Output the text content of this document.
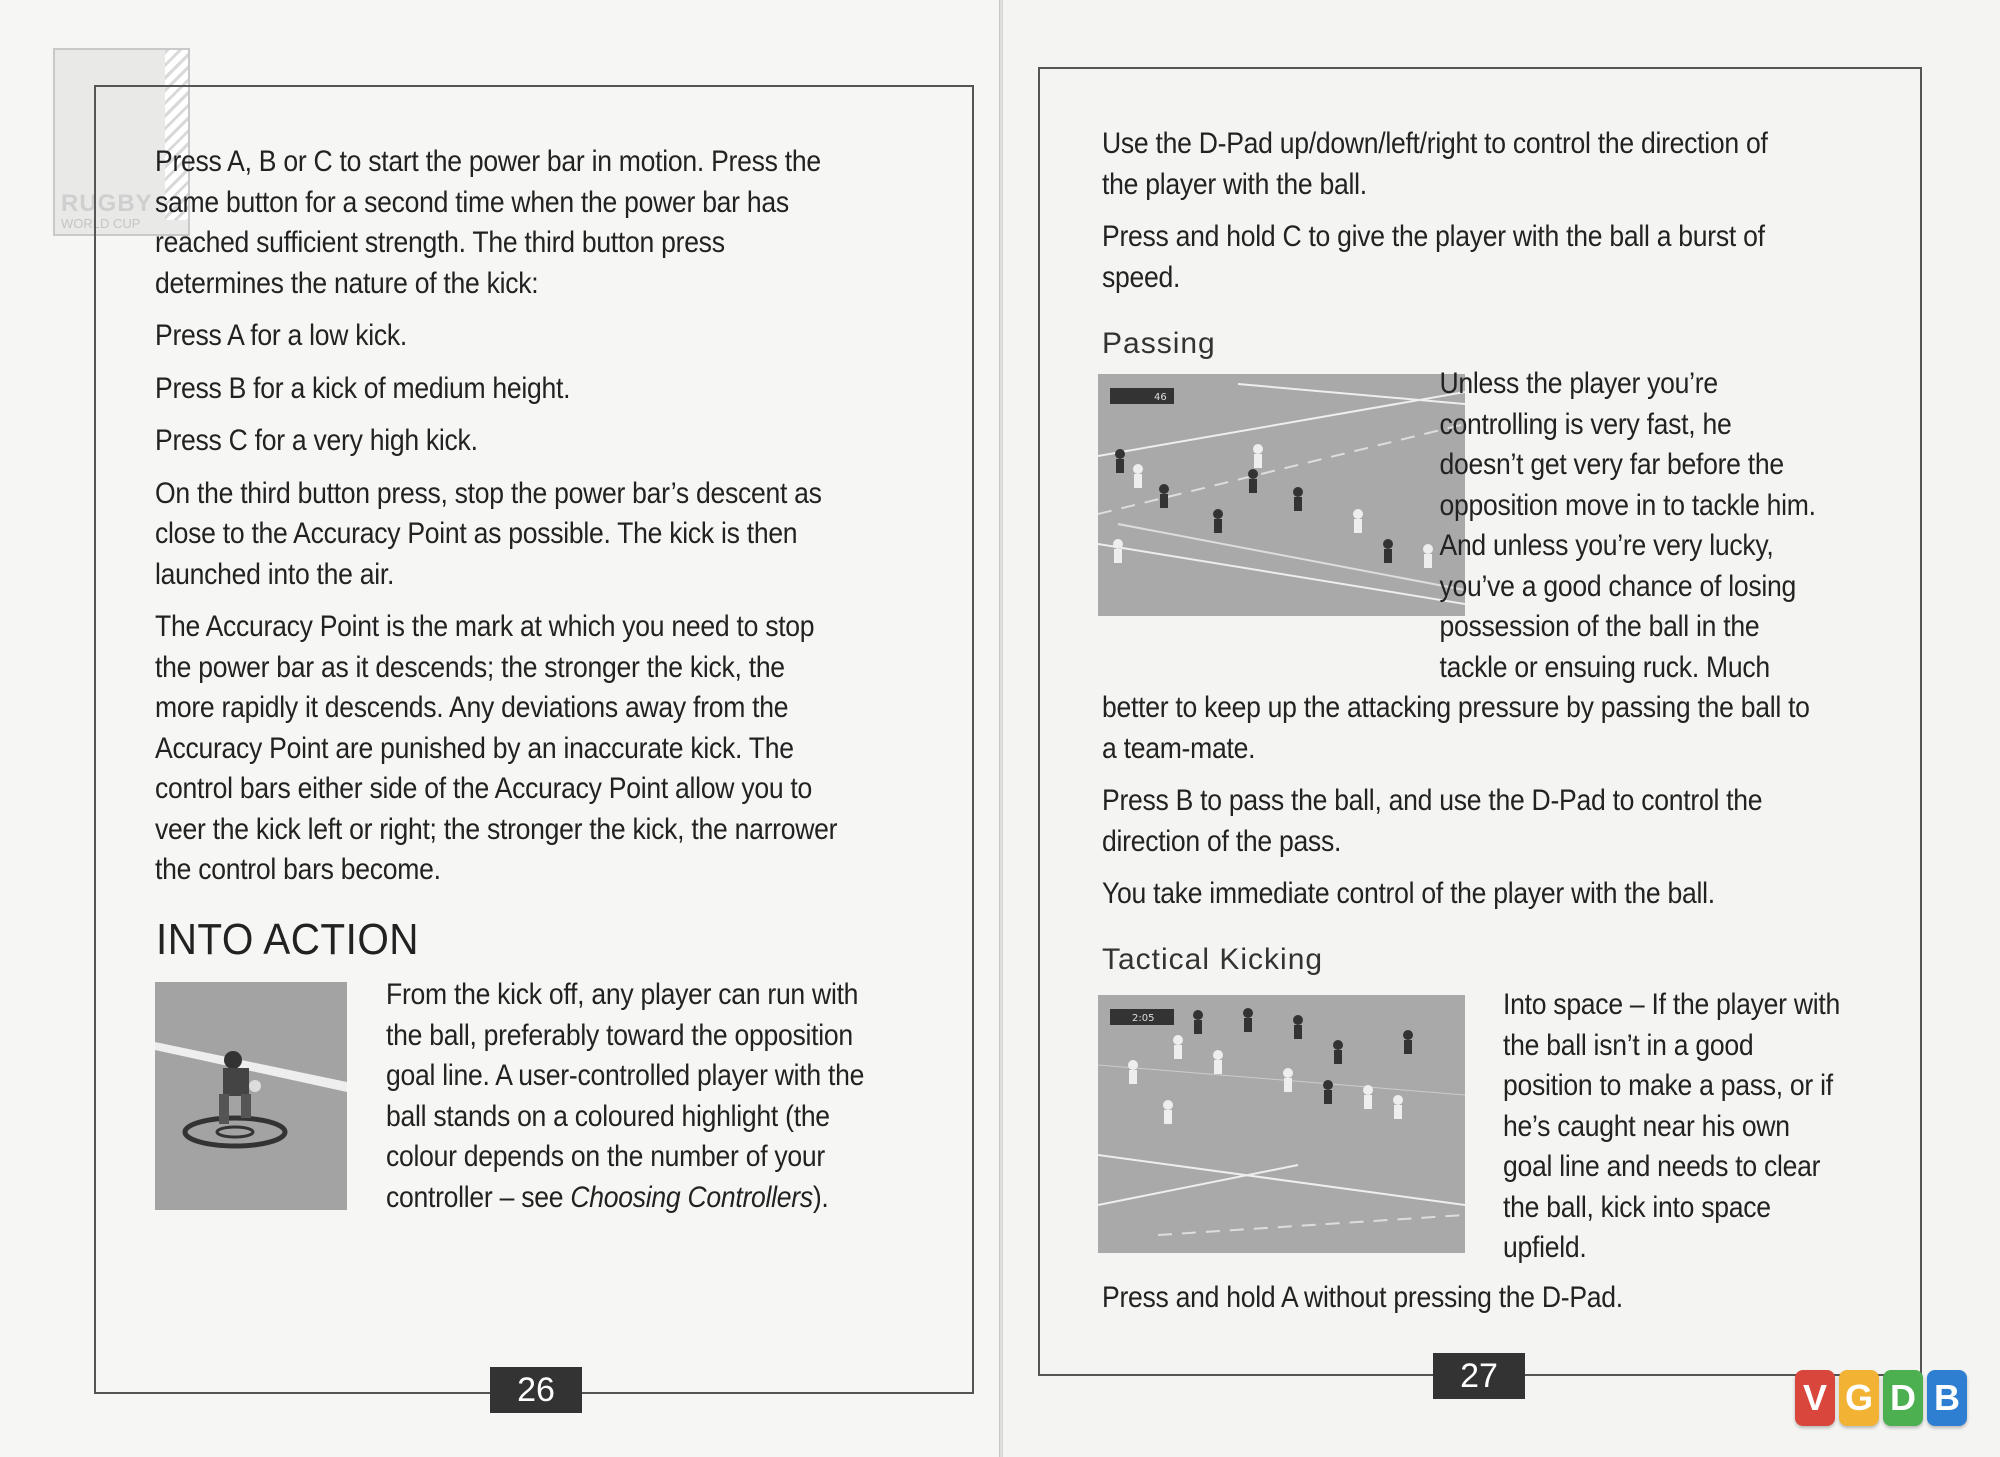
RUGBY
WORLD CUP

Press A, B or C to start the power bar in motion. Press the same button for a second time when the power bar has reached sufficient strength. The third button press determines the nature of the kick:

Press A for a low kick.

Press B for a kick of medium height.

Press C for a very high kick.

On the third button press, stop the power bar’s descent as close to the Accuracy Point as possible. The kick is then launched into the air.

The Accuracy Point is the mark at which you need to stop the power bar as it descends; the stronger the kick, the more rapidly it descends. Any deviations away from the Accuracy Point are punished by an inaccurate kick. The control bars either side of the Accuracy Point allow you to veer the kick left or right; the stronger the kick, the narrower the control bars become.

INTO ACTION

From the kick off, any player can run with the ball, preferably toward the opposition goal line. A user-controlled player with the ball stands on a coloured highlight (the colour depends on the number of your controller – see Choosing Controllers).

26

Use the D-Pad up/down/left/right to control the direction of the player with the ball.

Press and hold C to give the player with the ball a burst of speed.

Passing
46	Unless the player you’re controlling is very fast, he doesn’t get very far before the opposition move in to tackle him. And unless you’re very lucky, you’ve a good chance of losing possession of the ball in the tackle or ensuing ruck. Much better to keep up the attacking pressure by passing the ball to a team-mate.

Press B to pass the ball, and use the D-Pad to control the direction of the pass.

You take immediate control of the player with the ball.

Tactical Kicking
2:05	Into space – If the player with the ball isn’t in a good position to make a pass, or if he’s caught near his own goal line and needs to clear the ball, kick into space upfield.

Press and hold A without pressing the D-Pad.

27
V G D B
